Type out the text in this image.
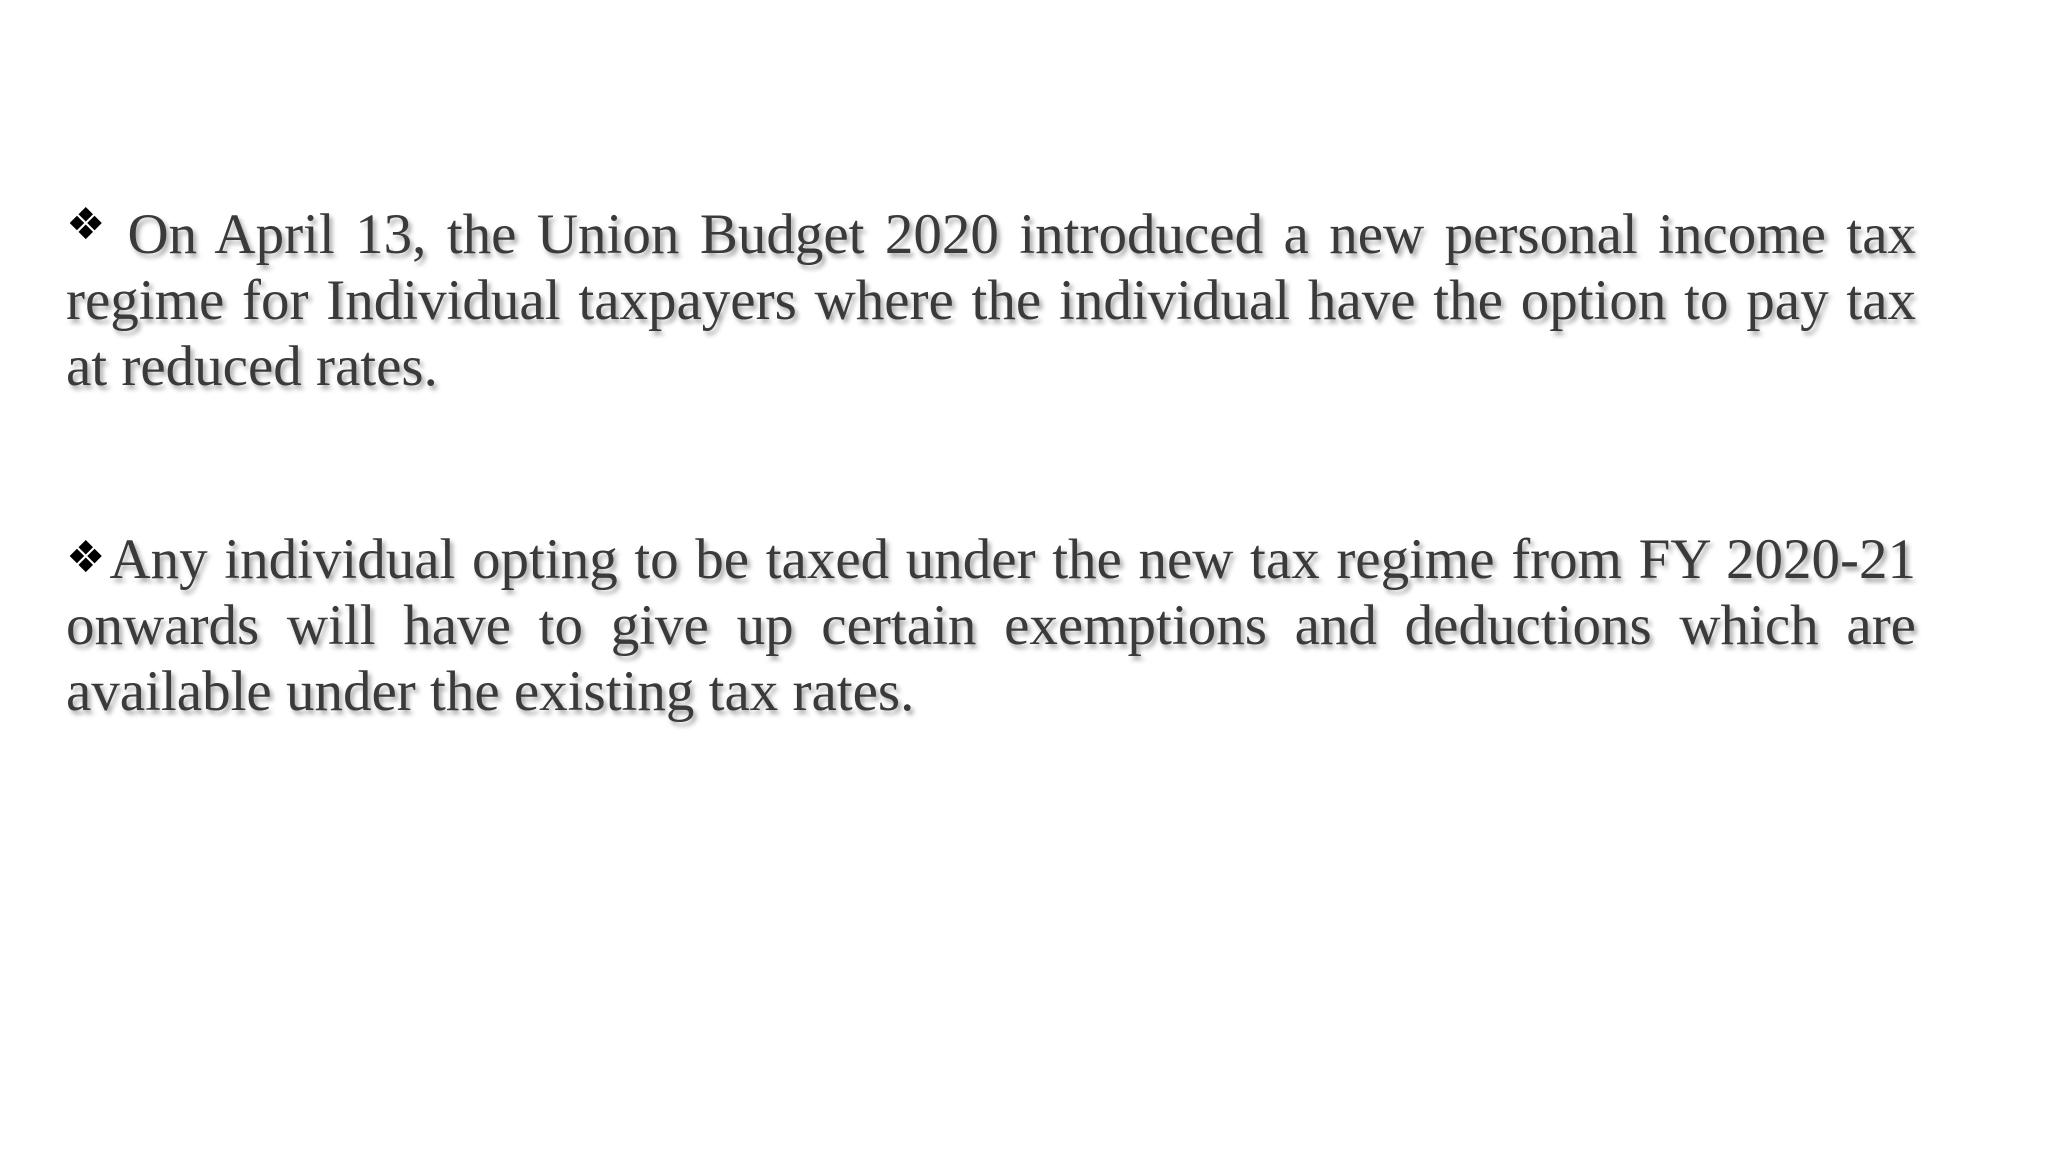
❖ On April 13, the Union Budget 2020 introduced a new personal income tax regime for Individual taxpayers where the individual have the option to pay tax at reduced rates.
❖Any individual opting to be taxed under the new tax regime from FY 2020-21 onwards will have to give up certain exemptions and deductions which are available under the existing tax rates.
